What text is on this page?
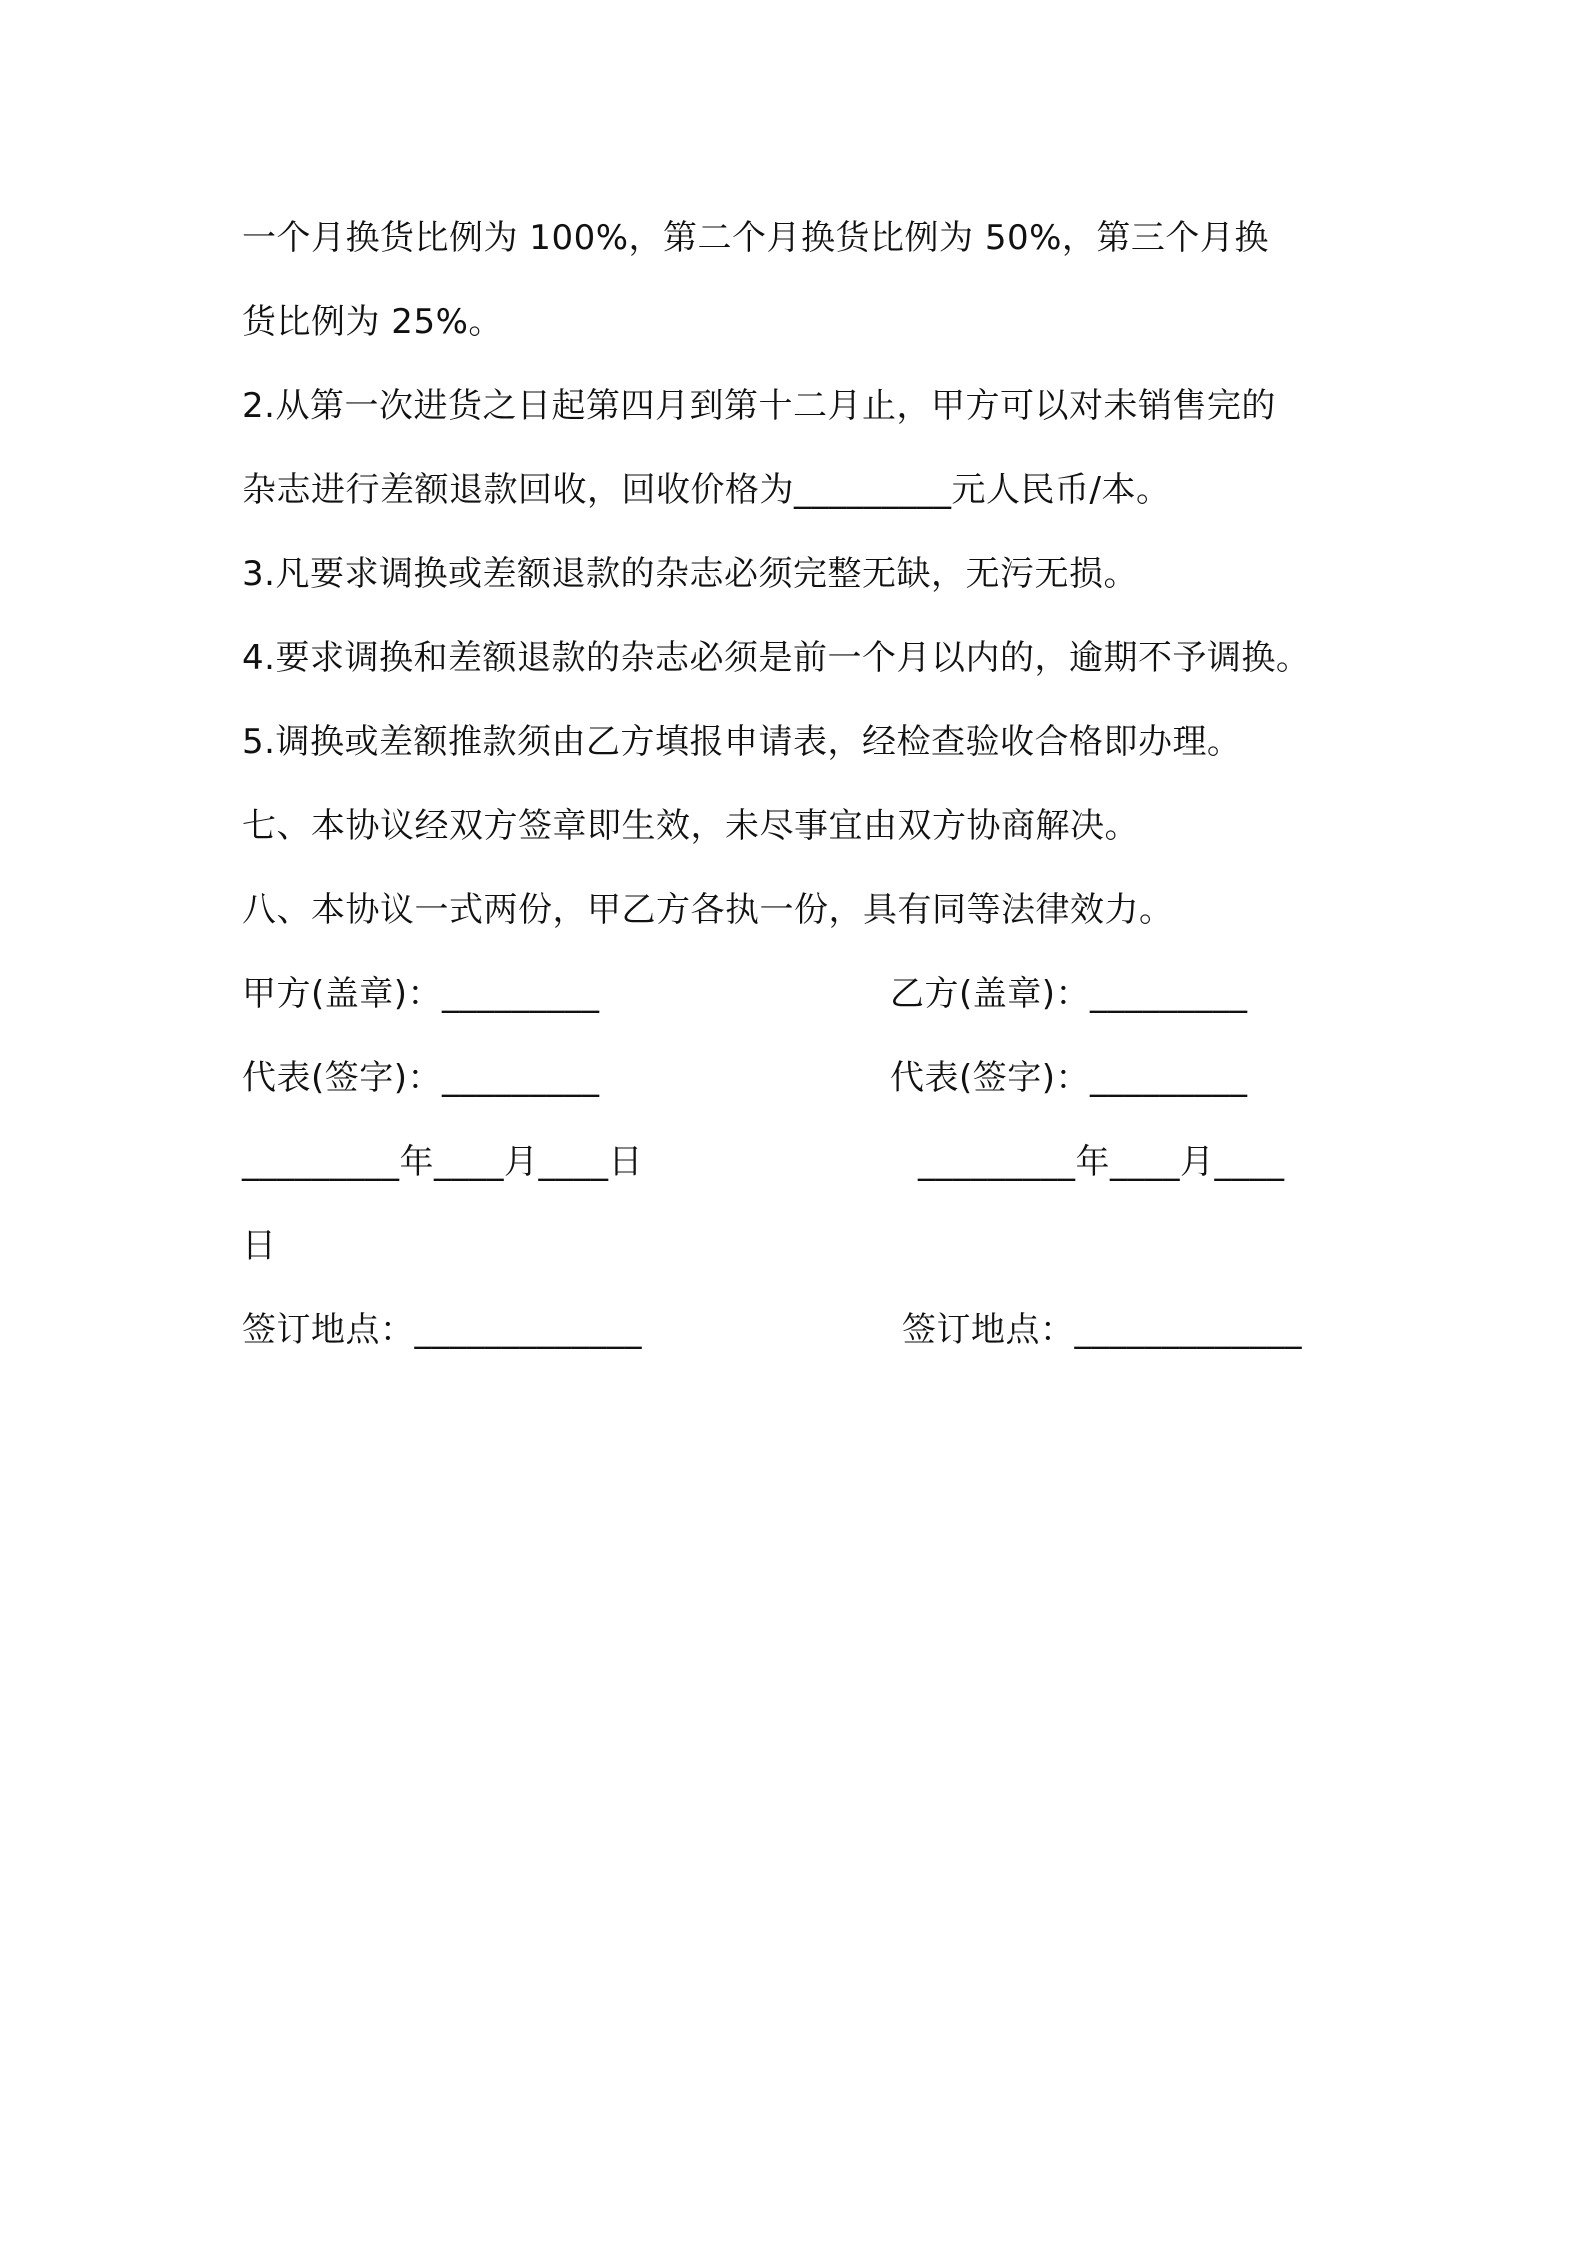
一个月换货比例为 100%，第二个月换货比例为 50%，第三个月换
货比例为 25%。
2.从第一次进货之日起第四月到第十二月止，甲方可以对未销售完的
杂志进行差额退款回收，回收价格为_________元人民币/本。
3.凡要求调换或差额退款的杂志必须完整无缺，无污无损。
4.要求调换和差额退款的杂志必须是前一个月以内的，逾期不予调换。
5.调换或差额推款须由乙方填报申请表，经检查验收合格即办理。
七、本协议经双方签章即生效，未尽事宜由双方协商解决。
八、本协议一式两份，甲乙方各执一份，具有同等法律效力。
甲方(盖章)：_________	乙方(盖章)：_________
代表(签字)：_________	代表(签字)：_________
_________年____月____日	_________年____月____
日
签订地点：_____________	签订地点：_____________
